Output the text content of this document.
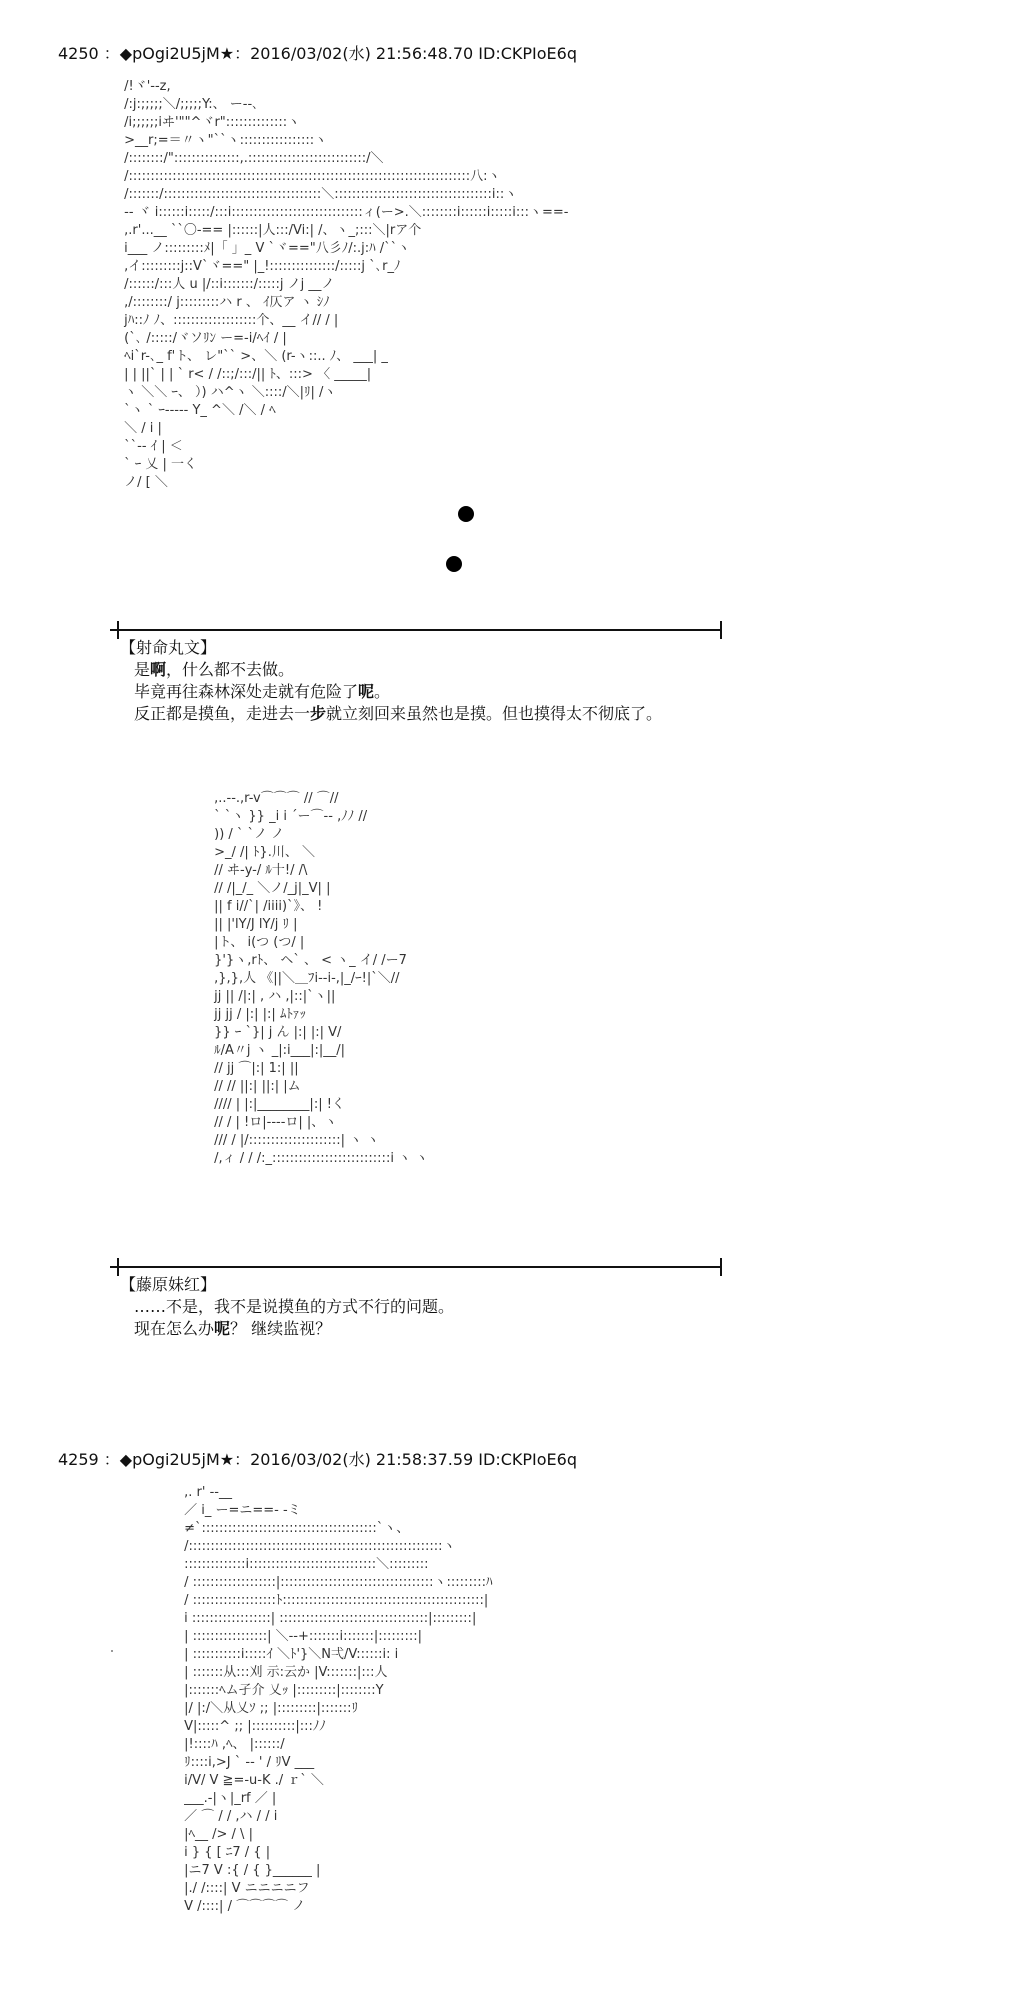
4250 ：◆pOgi2U5jM★：2016/03/02(水) 21:56:48.70 ID:CKPIoE6q
/!ヾ'--z,
/:j:;;;;;＼/;;;;;Y:、 ー--､
/i;;;;;;iヰ'""^ヾr"::::::::::::::ヽ
>__r;=＝〃ヽ"``ヽ:::::::::::::::::ヽ
/::::::::/":::::::::::::::,.:::::::::::::::::::::::::::/＼
/::::::::::::::::::::::::::::::::::::::::::::::::::::::::::::::::::::::::::::::八:ヽ
/:::::::/::::::::::::::::::::::::::::::::::::＼::::::::::::::::::::::::::::::::::::i::ヽ
-- ヾ i::::::i:::::/:::i::::::::::::::::::::::::::::::ィ(ー>.＼::::::::i::::::i:::::i:::ヽ==-
,.r'...__ ``〇-== |::::::|人:::/Vi:| /、ヽ_;:::＼|rア个
i___ ノ:::::::::ﾒ|「 」_ V `ヾ=="八彡ﾉ/:.j:ﾊ /``ヽ
,イ:::::::::j::V`ヾ==" |_!:::::::::::::::/:::::j `､r_ﾉ
/::::::/:::人 u |/::i:::::::/:::::j ノj __ノ
,/::::::::/ j:::::::::ハ r 、 ｲ仄ア ヽ ｼﾉ
jﾊ::ﾉ ﾉ、:::::::::::::::::::个、__ イ// / |
(`､ /:::::/ヾソﾘﾝ ー=-i/ﾍｲ / |
ﾍi`r-､_ f'ト、 レ"`` >、＼ (r-ヽ::.. ﾉ、 ___| _
| | ||` | | ` r< / /::;/:::/|| ﾄ、:::> 〈 _____|
ヽ ＼＼ ｰ、 ）) ハ^ヽ ＼::::/＼|ﾘ| /ヽ
`ヽ ` ｰ----- Y_ ^＼ /＼ / ﾍ
＼ / i |
``-- ｲ | ＜
` ｰ 乂 | 一く
ノ/ [ ＼
【射命丸文】
是啊，什么都不去做。
毕竟再往森林深处走就有危险了呢。
反正都是摸鱼，走进去一步就立刻回来虽然也是摸。但也摸得太不彻底了。
,..--.,r-v⌒⌒⌒ // ⌒//
` `ヽ }} _i i ´ー⌒-- ,ﾉﾉ //
)) / ` `ノ ノ
>_/ /| ﾄ}.川、 ＼
// ヰ-y-/ ﾙ十!/ /\
// /|_/_ ＼ノ/_j|_V| |
|| f i//`| /iiii)`》、 !
|| |'lY/J lY/j ﾘ |
|ト、 i(つ (つ/ |
}'}ヽ,rﾄ、 ヘ` 、 < ヽ_ イ/ /ー7
,},},人 《||＼＿ﾌi--i-,|_/ｰ!|`＼//
jj || /|:| , ハ ,|::|`ヽ||
jj jj / |:| |:| ﾑﾄｧｯ
}} ｰ `}| j ん |:| |:| V/
ﾙ/A〃j ヽ _|:i___|:|__/|
// jj ⌒|:| 1:| ||
// // ||:| ||:| |ム
//// | |:|________|:| !く
// / | !ロ|----ロ| |、ヽ
/// / |/:::::::::::::::::::::| ヽ ヽ
/,ィ / / /:_:::::::::::::::::::::::::::i ヽ ヽ
【藤原妹红】
……不是，我不是说摸鱼的方式不行的问题。
现在怎么办呢？ 继续监视？
4259 ：◆pOgi2U5jM★：2016/03/02(水) 21:58:37.59 ID:CKPIoE6q
,. r' --__
／ i_ ー=ニ==- -ミ
≠`::::::::::::::::::::::::::::::::::::::::`ヽ、
/::::::::::::::::::::::::::::::::::::::::::::::::::::::::::ヽ
::::::::::::::i:::::::::::::::::::::::::::::＼:::::::::
/ :::::::::::::::::::|:::::::::::::::::::::::::::::::::::ヽ:::::::::ﾊ
/ :::::::::::::::::::ﾄ::::::::::::::::::::::::::::::::::::::::::::::|
i ::::::::::::::::::| ::::::::::::::::::::::::::::::::::|:::::::::|
| :::::::::::::::::| ＼--+:::::::i:::::::|:::::::::|
| :::::::::::i:::::ｲ ＼ﾄ'}＼N弌/V::::::i: i
| :::::::从:::刈 示:云か |V:::::::|:::人
|:::::::ﾍム孑介 乂ｯ |:::::::::|::::::::Y
|/ |:/＼从乂ｿ ;; |:::::::::|:::::::ﾘ
V|:::::^ ;; |::::::::::|:::ﾉﾉ
|!::::ﾊ ,ﾍ、 |::::::/
ﾘ::::i,>J ` -- ' / ﾘV ___
i/V/ V ≧=-u-K ./ ｒ` ＼
___.-|ヽ|_rf ／ |
／ ⌒ / / ,ハ / / i
|ﾍ__ /> / \ |
i } { [ ﾆ7 / { |
|ニ7 V :{ / { }______ |
|./ /::::| V ニニニニフ
V /::::| / ⌒⌒⌒⌒ ノ
